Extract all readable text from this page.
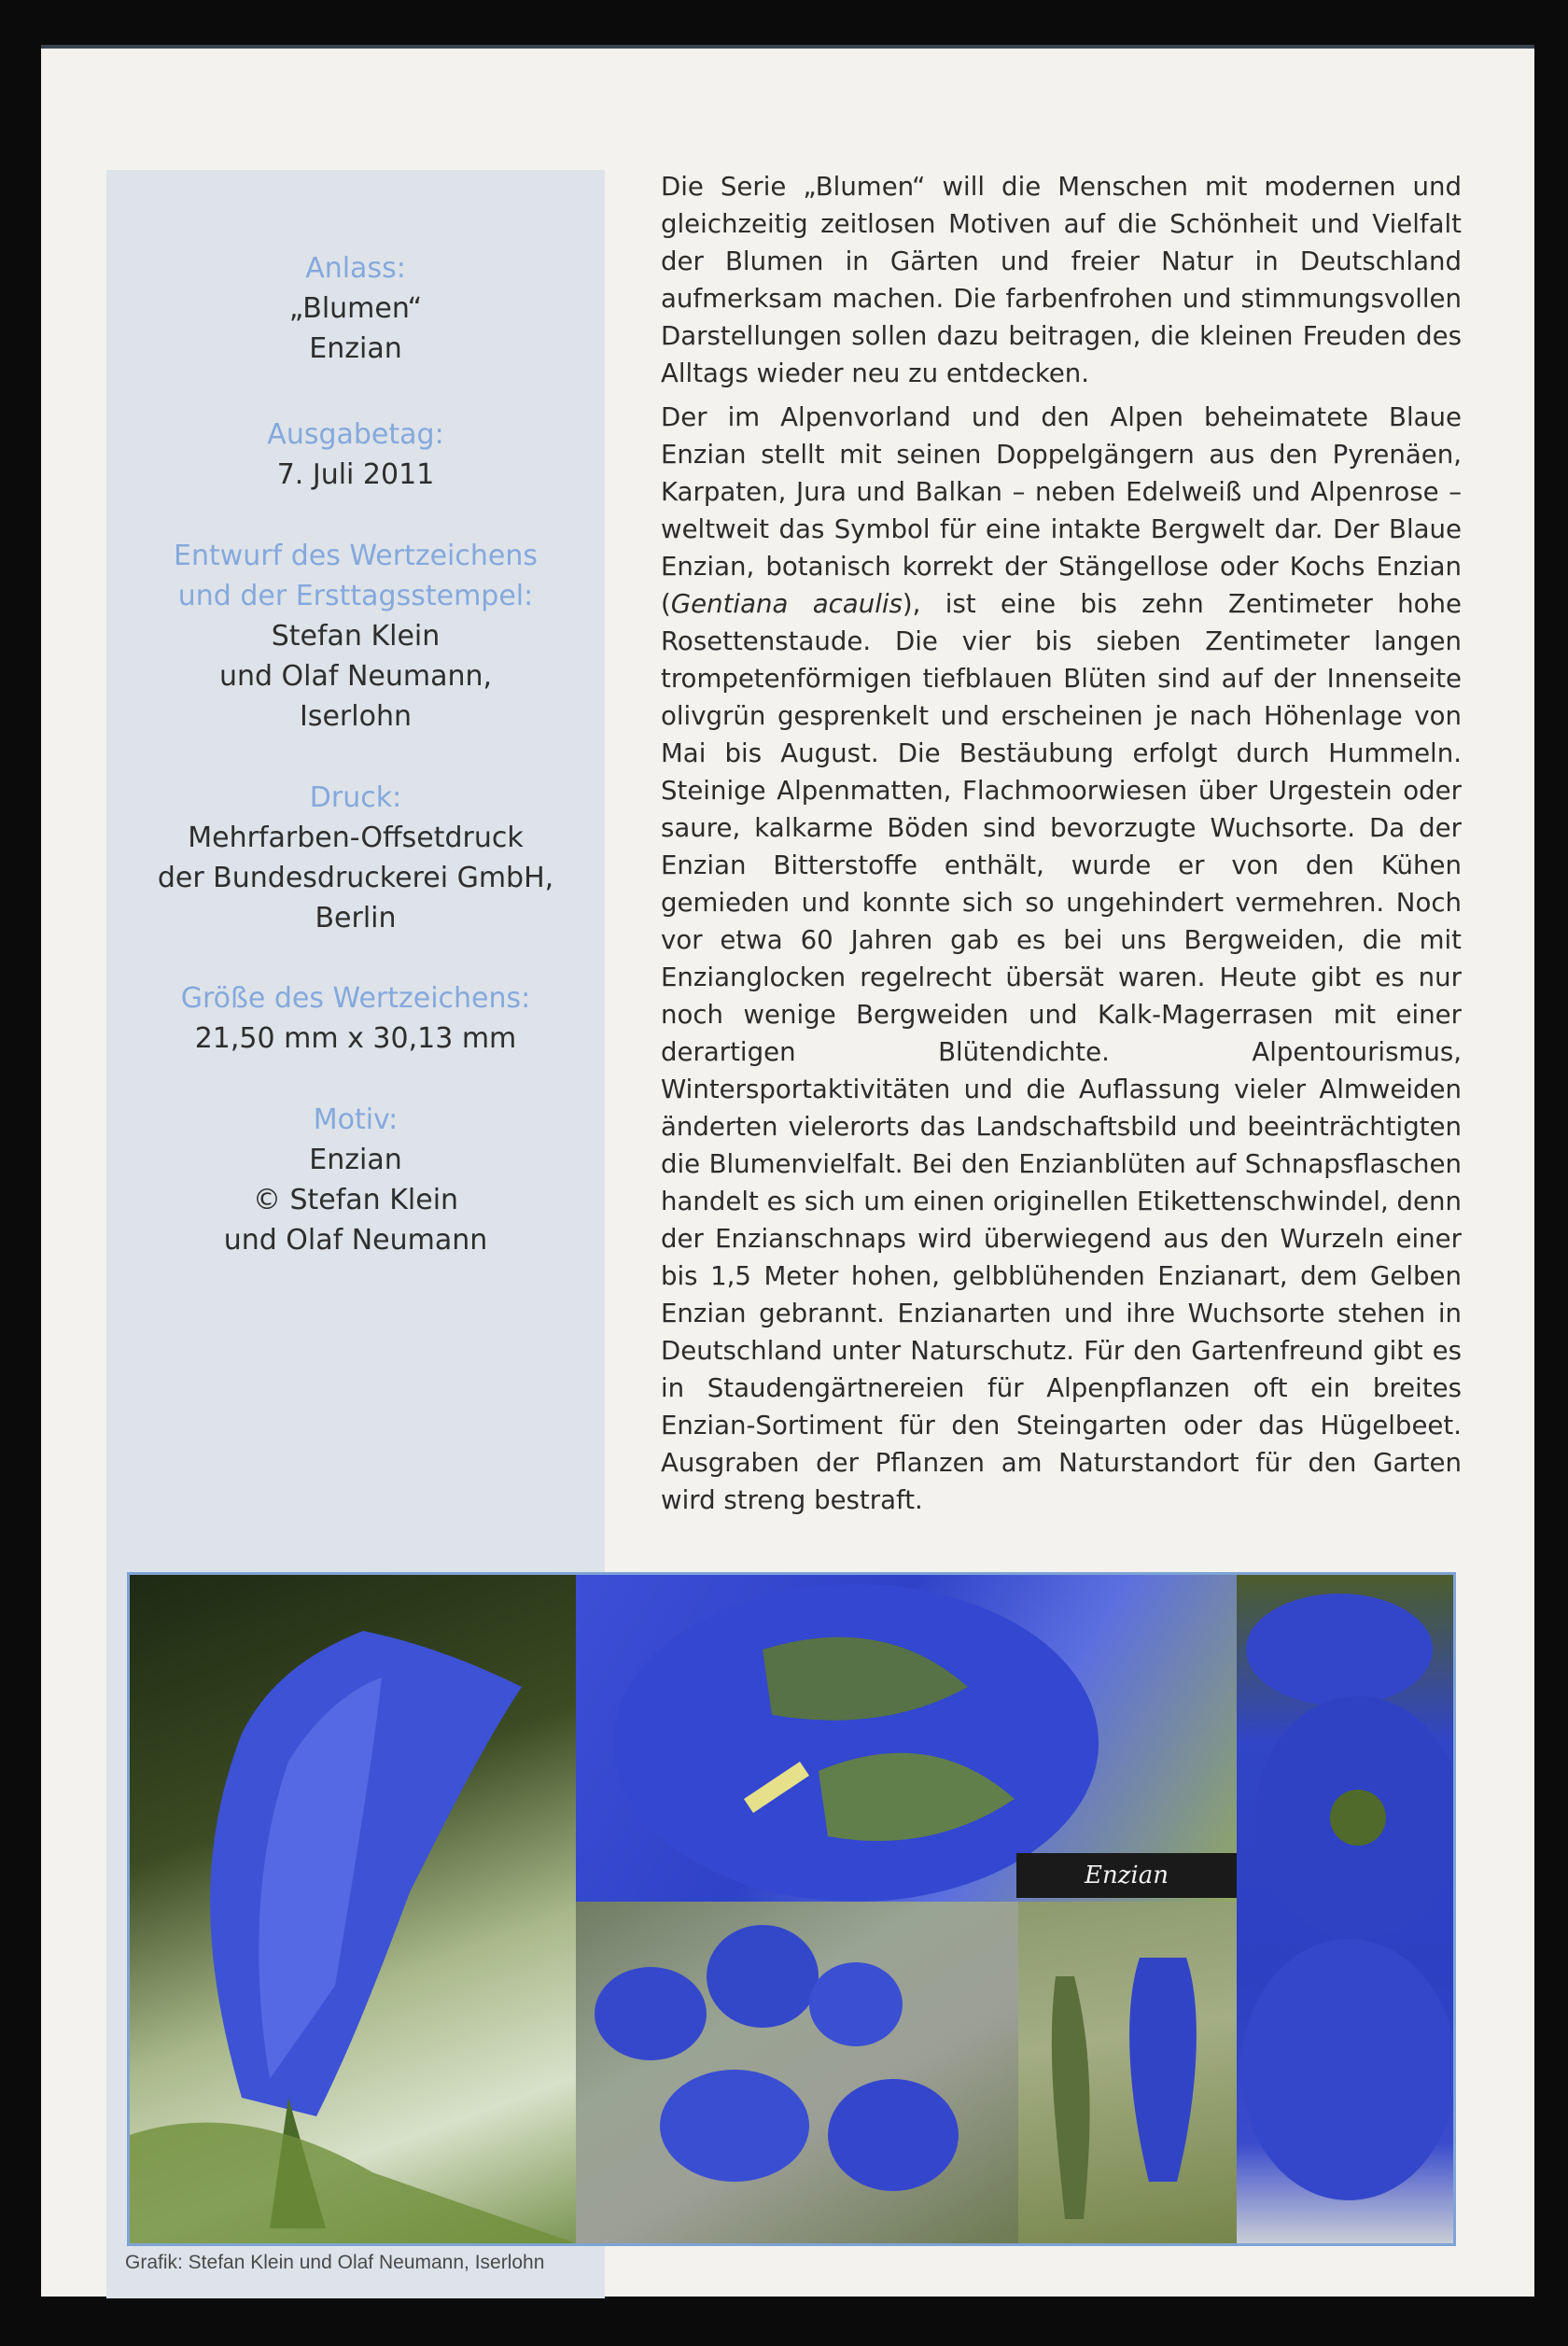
Anlass:
„Blumen“
Enzian
Ausgabetag:
7. Juli 2011
Entwurf des Wertzeichens
und der Ersttagsstempel:
Stefan Klein
und Olaf Neumann,
Iserlohn
Druck:
Mehrfarben-Offsetdruck
der Bundesdruckerei GmbH,
Berlin
Größe des Wertzeichens:
21,50 mm x 30,13 mm
Motiv:
Enzian
© Stefan Klein
und Olaf Neumann

Die Serie „Blumen“ will die Menschen mit modernen und gleichzeitig zeitlosen Motiven auf die Schönheit und Vielfalt der Blumen in Gärten und freier Natur in Deutschland aufmerksam machen. Die farbenfrohen und stimmungsvollen Darstellungen sollen dazu beitragen, die kleinen Freuden des Alltags wieder neu zu entdecken.

Der im Alpenvorland und den Alpen beheimatete Blaue Enzian stellt mit seinen Doppelgängern aus den Pyrenäen, Karpaten, Jura und Balkan – neben Edelweiß und Alpenrose – weltweit das Symbol für eine intakte Bergwelt dar. Der Blaue Enzian, botanisch korrekt der Stängellose oder Kochs Enzian (Gentiana acaulis), ist eine bis zehn Zentimeter hohe Rosettenstaude. Die vier bis sieben Zentimeter langen trompetenförmigen tiefblauen Blüten sind auf der Innenseite olivgrün gesprenkelt und erscheinen je nach Höhenlage von Mai bis August. Die Bestäubung erfolgt durch Hummeln. Steinige Alpenmatten, Flachmoorwiesen über Urgestein oder saure, kalkarme Böden sind bevorzugte Wuchsorte. Da der Enzian Bitterstoffe enthält, wurde er von den Kühen gemieden und konnte sich so ungehindert vermehren. Noch vor etwa 60 Jahren gab es bei uns Bergweiden, die mit Enzianglocken regelrecht übersät waren. Heute gibt es nur noch wenige Bergweiden und Kalk-Magerrasen mit einer derartigen Blütendichte. Alpentourismus, Wintersportaktivitäten und die Auflassung vieler Almweiden änderten vielerorts das Landschaftsbild und beeinträchtigten die Blumenvielfalt. Bei den Enzianblüten auf Schnapsflaschen handelt es sich um einen originellen Etikettenschwindel, denn der Enzianschnaps wird überwiegend aus den Wurzeln einer bis 1,5 Meter hohen, gelbblühenden Enzianart, dem Gelben Enzian gebrannt. Enzianarten und ihre Wuchsorte stehen in Deutschland unter Naturschutz. Für den Gartenfreund gibt es in Staudengärtnereien für Alpenpflanzen oft ein breites Enzian-Sortiment für den Steingarten oder das Hügelbeet. Ausgraben der Pflanzen am Naturstandort für den Garten wird streng bestraft.

Enzian
Grafik: Stefan Klein und Olaf Neumann, Iserlohn
